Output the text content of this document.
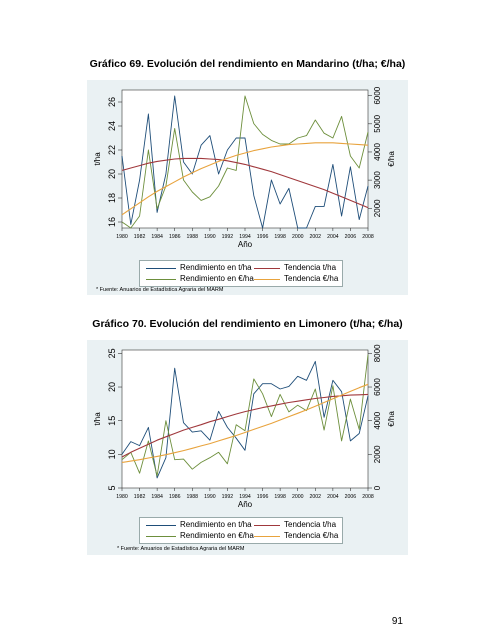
Gráfico 69. Evolución del rendimiento en Mandarino (t/ha; €/ha)
16
18
20
22
24
26
2000
3000
4000
5000
6000
1980 1982 1984 1986 1988 1990 1992 1994 1996 1998 2000 2002 2004 2006 2008
t/ha	€/ha
Año
Rendimiento en t/ha
Rendimiento en €/ha
Tendencia t/ha
Tendencia €/ha
* Fuente: Anuarios de Estadística Agraria del MARM
Gráfico 70. Evolución del rendimiento en Limonero (t/ha; €/ha)
5
10
15
20
25
0
2000
4000
6000
8000
1980 1982 1984 1986 1988 1990 1992 1994 1996 1998 2000 2002 2004 2006 2008
t/ha	€/ha
Año
Rendimiento en t/ha
Rendimiento en €/ha
Tendencia t/ha
Tendencia €/ha
* Fuente: Anuarios de Estadística Agraria del MARM
91
